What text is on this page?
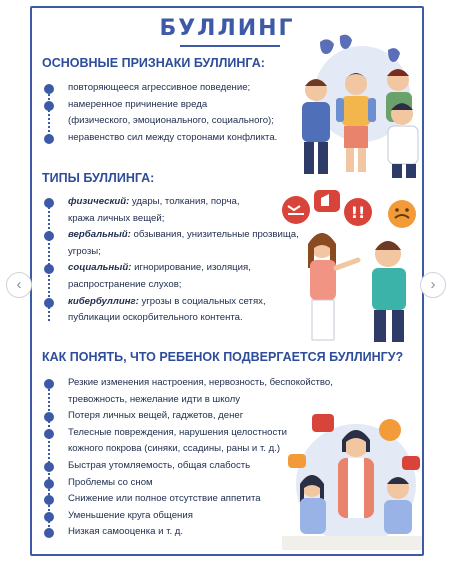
БУЛЛИНГ
ОСНОВНЫЕ ПРИЗНАКИ БУЛЛИНГА:
повторяющееся агрессивное поведение;
намеренное причинение вреда
(физического, эмоционального, социального);
неравенство сил между сторонами конфликта.
ТИПЫ БУЛЛИНГА:
физический: удары, толкания, порча,
кража личных вещей;
вербальный: обзывания, унизительные прозвища,
угрозы;
социальный: игнорирование, изоляция,
распространение слухов;
кибербуллинг: угрозы в социальных сетях,
публикации оскорбительного контента.
!!
КАК ПОНЯТЬ, ЧТО РЕБЕНОК ПОДВЕРГАЕТСЯ БУЛЛИНГУ?
Резкие изменения настроения, нервозность, беспокойство,
тревожность, нежелание идти в школу
Потеря личных вещей, гаджетов, денег
Телесные повреждения, нарушения целостности
кожного покрова (синяки, ссадины, раны и т. д.)
Быстрая утомляемость, общая слабость
Проблемы со сном
Снижение или полное отсутствие аппетита
Уменьшение круга общения
Низкая самооценка и т. д.
‹	›
